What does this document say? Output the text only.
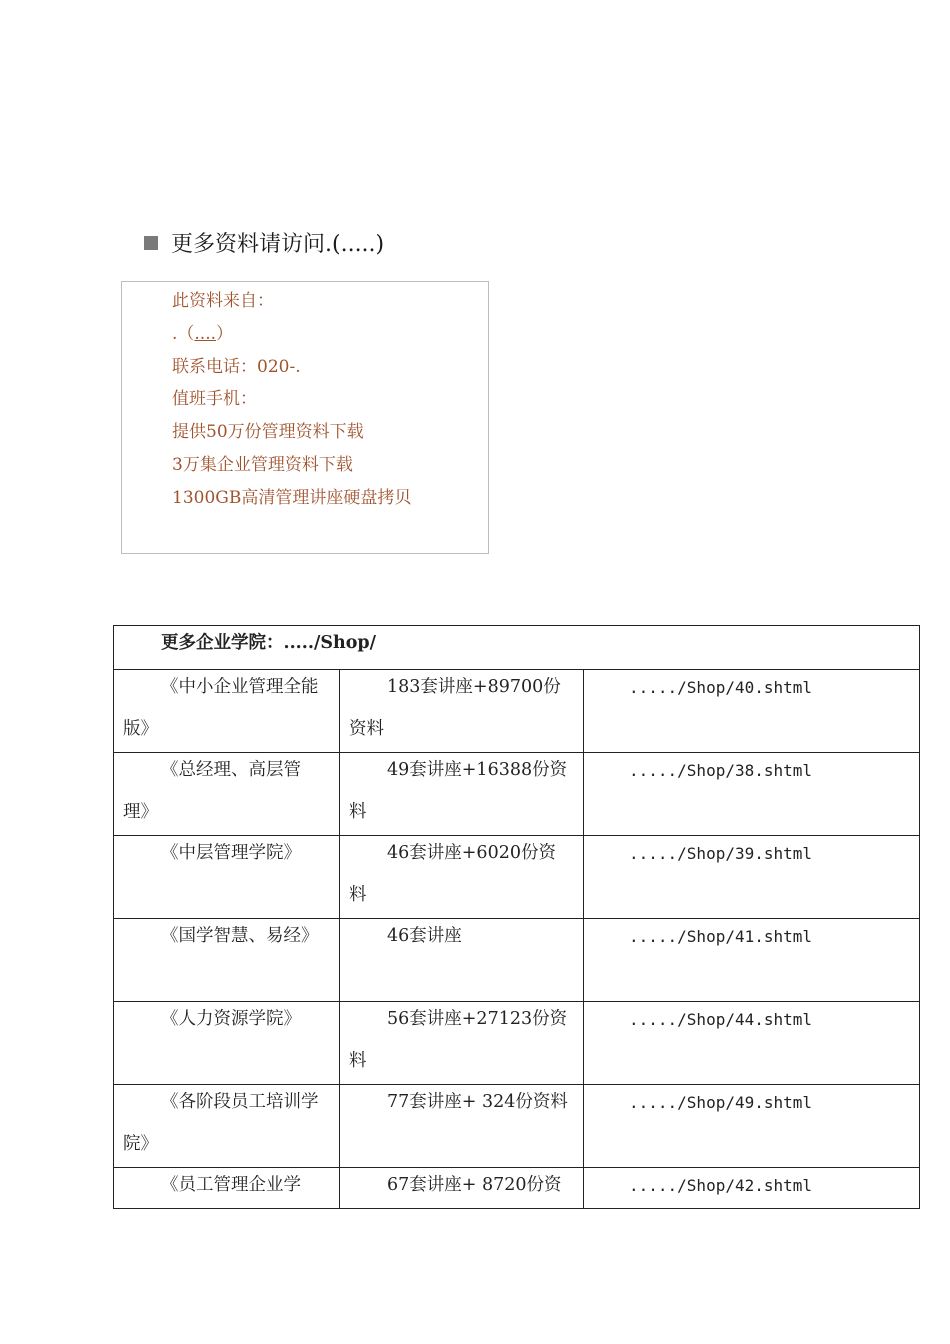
更多资料请访问.(.....)
此资料来自：
.（....）
联系电话：020-.
值班手机：
提供50万份管理资料下载
3万集企业管理资料下载
1300GB高清管理讲座硬盘拷贝
更多企业学院：...../Shop/		

《中小企业管理全能版》	183套讲座+89700份资料	...../Shop/40.shtml

《总经理、高层管理》	49套讲座+16388份资料	...../Shop/38.shtml

《中层管理学院》	46套讲座+6020份资料	...../Shop/39.shtml

《国学智慧、易经》	46套讲座	...../Shop/41.shtml

《人力资源学院》	56套讲座+27123份资料	...../Shop/44.shtml

《各阶段员工培训学院》	77套讲座+ 324份资料	...../Shop/49.shtml

《员工管理企业学	67套讲座+ 8720份资	...../Shop/42.shtml
